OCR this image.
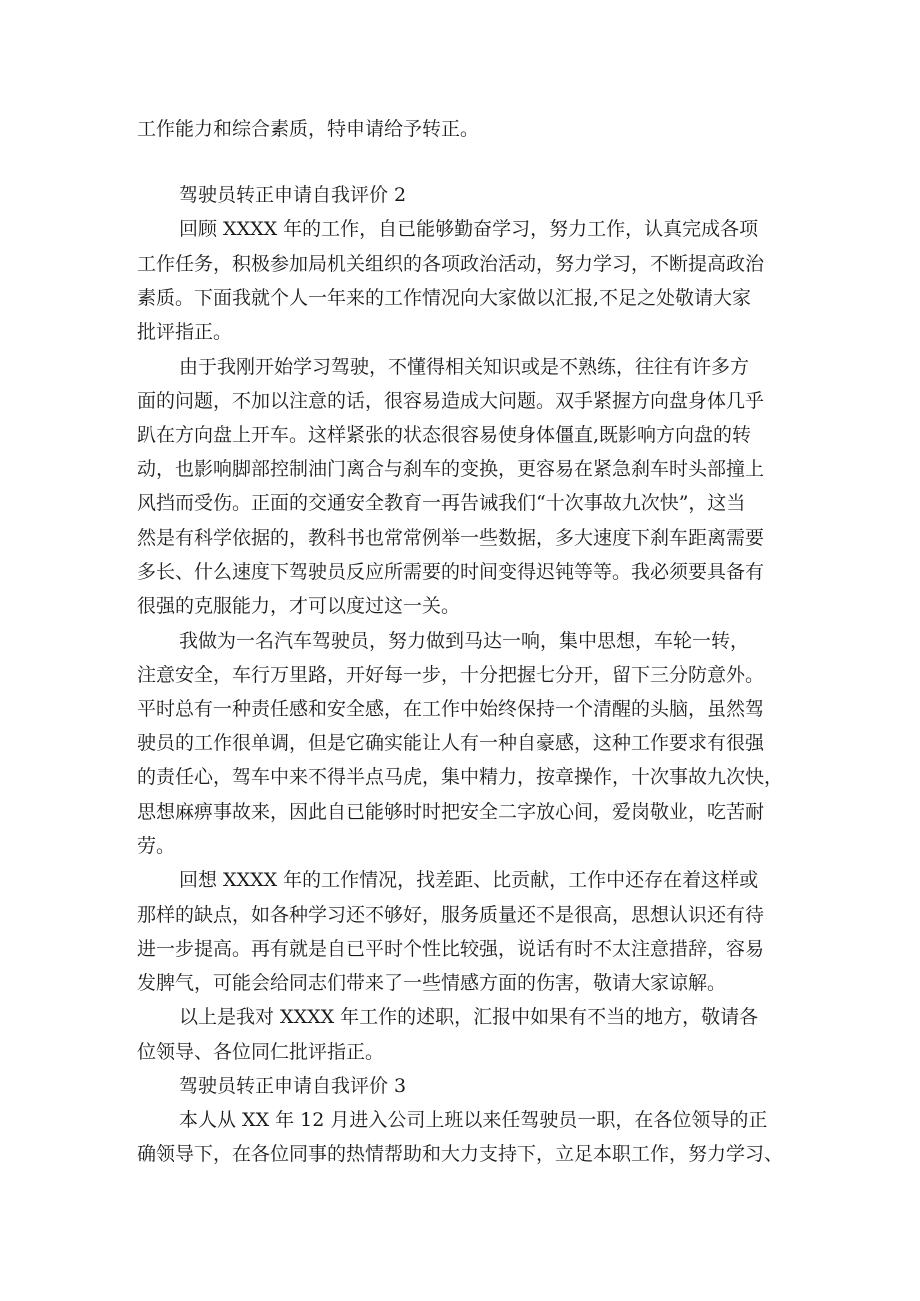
工作能力和综合素质，特申请给予转正。
驾驶员转正申请自我评价 2
回顾 XXXX 年的工作，自已能够勤奋学习，努力工作，认真完成各项
工作任务，积极参加局机关组织的各项政治活动，努力学习，不断提高政治
素质。下面我就个人一年来的工作情况向大家做以汇报,不足之处敬请大家
批评指正。
由于我刚开始学习驾驶，不懂得相关知识或是不熟练，往往有许多方
面的问题，不加以注意的话，很容易造成大问题。双手紧握方向盘身体几乎
趴在方向盘上开车。这样紧张的状态很容易使身体僵直,既影响方向盘的转
动，也影响脚部控制油门离合与刹车的变换，更容易在紧急刹车时头部撞上
风挡而受伤。正面的交通安全教育一再告诫我们“十次事故九次快”，这当
然是有科学依据的，教科书也常常例举一些数据，多大速度下刹车距离需要
多长、什么速度下驾驶员反应所需要的时间变得迟钝等等。我必须要具备有
很强的克服能力，才可以度过这一关。
我做为一名汽车驾驶员，努力做到马达一响，集中思想，车轮一转，
注意安全，车行万里路，开好每一步，十分把握七分开，留下三分防意外。
平时总有一种责任感和安全感，在工作中始终保持一个清醒的头脑，虽然驾
驶员的工作很单调，但是它确实能让人有一种自豪感，这种工作要求有很强
的责任心，驾车中来不得半点马虎，集中精力，按章操作，十次事故九次快，
思想麻痹事故来，因此自已能够时时把安全二字放心间，爱岗敬业，吃苦耐
劳。
回想 XXXX 年的工作情况，找差距、比贡献，工作中还存在着这样或
那样的缺点，如各种学习还不够好，服务质量还不是很高，思想认识还有待
进一步提高。再有就是自已平时个性比较强，说话有时不太注意措辞，容易
发脾气，可能会给同志们带来了一些情感方面的伤害，敬请大家谅解。
以上是我对 XXXX 年工作的述职，汇报中如果有不当的地方，敬请各
位领导、各位同仁批评指正。
驾驶员转正申请自我评价 3
本人从 XX 年 12 月进入公司上班以来任驾驶员一职，在各位领导的正
确领导下，在各位同事的热情帮助和大力支持下，立足本职工作，努力学习、
